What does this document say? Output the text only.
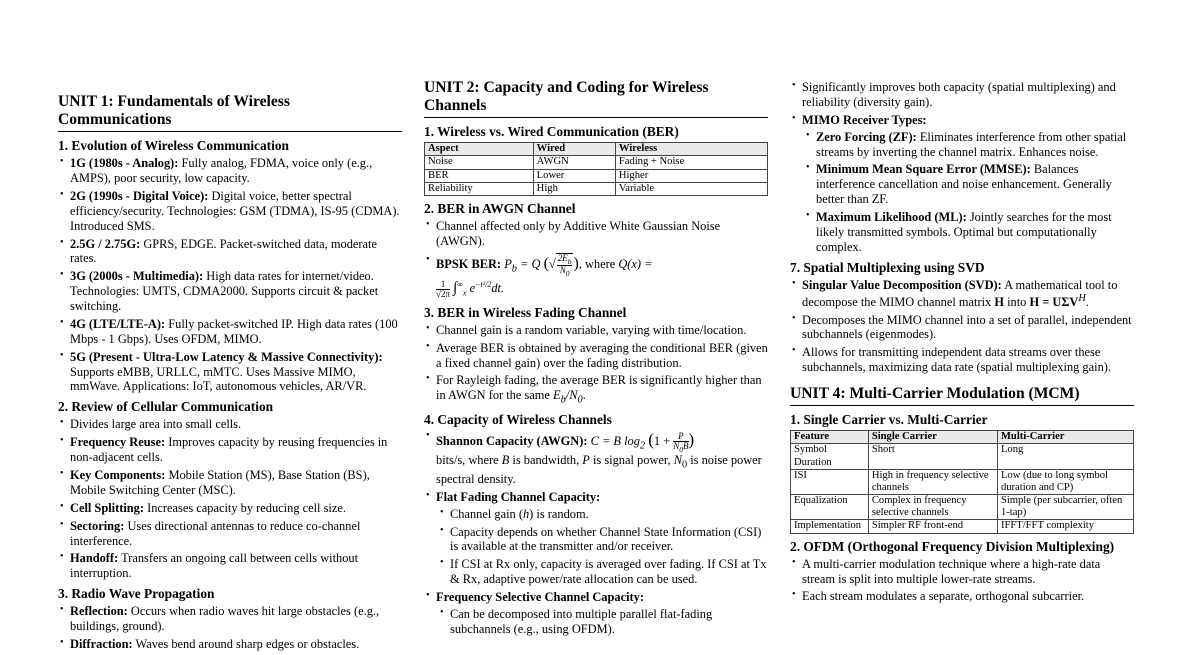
UNIT 1: Fundamentals of Wireless Communications
1. Evolution of Wireless Communication
• 1G (1980s - Analog): Fully analog, FDMA, voice only (e.g., AMPS), poor security, low capacity.
• 2G (1990s - Digital Voice): Digital voice, better spectral efficiency/security. Technologies: GSM (TDMA), IS-95 (CDMA). Introduced SMS.
• 2.5G / 2.75G: GPRS, EDGE. Packet-switched data, moderate rates.
• 3G (2000s - Multimedia): High data rates for internet/video. Technologies: UMTS, CDMA2000. Supports circuit & packet switching.
• 4G (LTE/LTE-A): Fully packet-switched IP. High data rates (100 Mbps - 1 Gbps). Uses OFDM, MIMO.
• 5G (Present - Ultra-Low Latency & Massive Connectivity): Supports eMBB, URLLC, mMTC. Uses Massive MIMO, mmWave. Applications: IoT, autonomous vehicles, AR/VR.
2. Review of Cellular Communication
• Divides large area into small cells.
• Frequency Reuse: Improves capacity by reusing frequencies in non-adjacent cells.
• Key Components: Mobile Station (MS), Base Station (BS), Mobile Switching Center (MSC).
• Cell Splitting: Increases capacity by reducing cell size.
• Sectoring: Uses directional antennas to reduce co-channel interference.
• Handoff: Transfers an ongoing call between cells without interruption.
3. Radio Wave Propagation
• Reflection: Occurs when radio waves hit large obstacles (e.g., buildings, ground).
• Diffraction: Waves bend around sharp edges or obstacles.
UNIT 2: Capacity and Coding for Wireless Channels
1. Wireless vs. Wired Communication (BER)
Aspect	Wired	Wireless
Noise	AWGN	Fading + Noise
BER	Lower	Higher
Reliability	High	Variable
2. BER in AWGN Channel
• Channel affected only by Additive White Gaussian Noise (AWGN).
• BPSK BER: $P_b = Q$ (√ $\frac{2E_b}{N_0}$ ), where Q(x) =

$\frac{1}{√2\pi} \int^\infty_x$ $e^{-t^2/2}dt$.
3. BER in Wireless Fading Channel
• Channel gain is a random variable, varying with time/location.
• Average BER is obtained by averaging the conditional BER (given a fixed channel gain) over the fading distribution.
• For Rayleigh fading, the average BER is significantly higher than in AWGN for the same $E_b/N_0$.
4. Capacity of Wireless Channels
• Shannon Capacity (AWGN): C = B $\log_2 (1 + \frac{P}{N_0B}$ )
bits/s, where B is bandwidth, P is signal power, $N_0$ is noise power spectral density.
• Flat Fading Channel Capacity:
• Channel gain (h) is random.
• Capacity depends on whether Channel State Information (CSI) is available at the transmitter and/or receiver.
• If CSI at Rx only, capacity is averaged over fading. If CSI at Tx & Rx, adaptive power/rate allocation can be used.
• Frequency Selective Channel Capacity:
• Can be decomposed into multiple parallel flat-fading subchannels (e.g., using OFDM).
• Significantly improves both capacity (spatial multiplexing) and reliability (diversity gain).
• MIMO Receiver Types:
• Zero Forcing (ZF): Eliminates interference from other spatial streams by inverting the channel matrix. Enhances noise.
• Minimum Mean Square Error (MMSE): Balances interference cancellation and noise enhancement. Generally better than ZF.
• Maximum Likelihood (ML): Jointly searches for the most likely transmitted symbols. Optimal but computationally complex.
7. Spatial Multiplexing using SVD
• Singular Value Decomposition (SVD): A mathematical tool to decompose the MIMO channel matrix H into $H = U\Sigma V^H$.
• Decomposes the MIMO channel into a set of parallel, independent subchannels (eigenmodes).
• Allows for transmitting independent data streams over these subchannels, maximizing data rate (spatial multiplexing gain).
UNIT 4: Multi-Carrier Modulation (MCM)
1. Single Carrier vs. Multi-Carrier
Feature	Single Carrier	Multi-Carrier
Symbol Duration	Short	Long
ISI	High in frequency selective channels	Low (due to long symbol duration and CP)
Equalization	Complex in frequency selective channels	Simple (per subcarrier, often 1-tap)
Implementation	Simpler RF front-end	IFFT/FFT complexity
2. OFDM (Orthogonal Frequency Division Multiplexing)
• A multi-carrier modulation technique where a high-rate data stream is split into multiple lower-rate streams.
• Each stream modulates a separate, orthogonal subcarrier.
